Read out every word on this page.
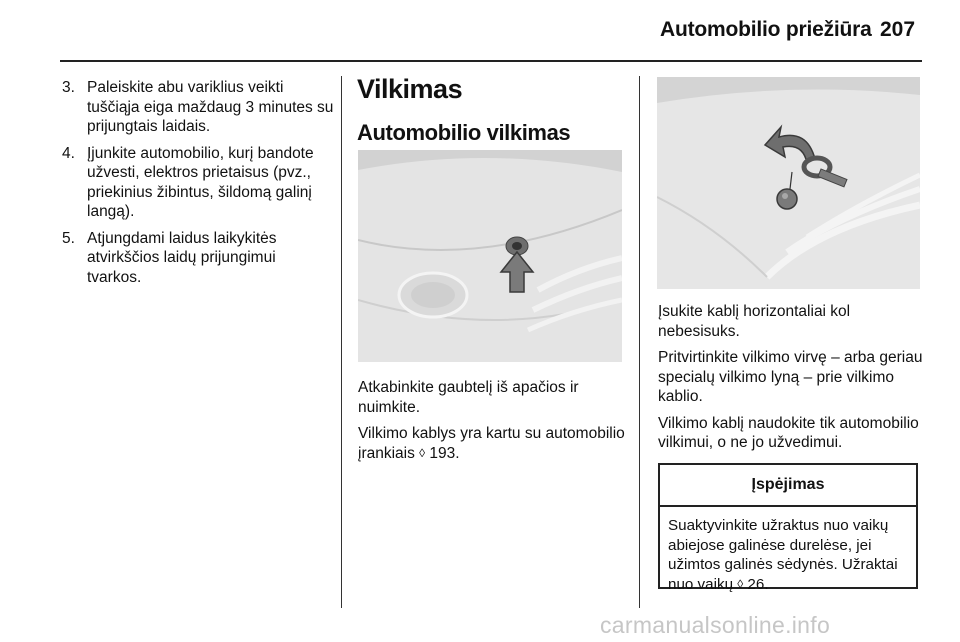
Automobilio priežiūra 207
3. Paleiskite abu variklius veikti tuščiąja eiga maždaug 3 minutes su prijungtais laidais.
4. Įjunkite automobilio, kurį bandote užvesti, elektros prietaisus (pvz., priekinius žibintus, šildomą galinį langą).
5. Atjungdami laidus laikykitės atvirkščios laidų prijungimui tvarkos.
Vilkimas
Automobilio vilkimas

Atkabinkite gaubtelį iš apačios ir nuimkite.

Vilkimo kablys yra kartu su automobilio įrankiais ◊ 193.

Įsukite kablį horizontaliai kol nebesisuks.

Pritvirtinkite vilkimo virvę – arba geriau specialų vilkimo lyną – prie vilkimo kablio.

Vilkimo kablį naudokite tik automobilio vilkimui, o ne jo užvedimui.

Įspėjimas
Suaktyvinkite užraktus nuo vaikų abiejose galinėse durelėse, jei užimtos galinės sėdynės. Užraktai nuo vaikų ◊ 26.
carmanualsonline.info
